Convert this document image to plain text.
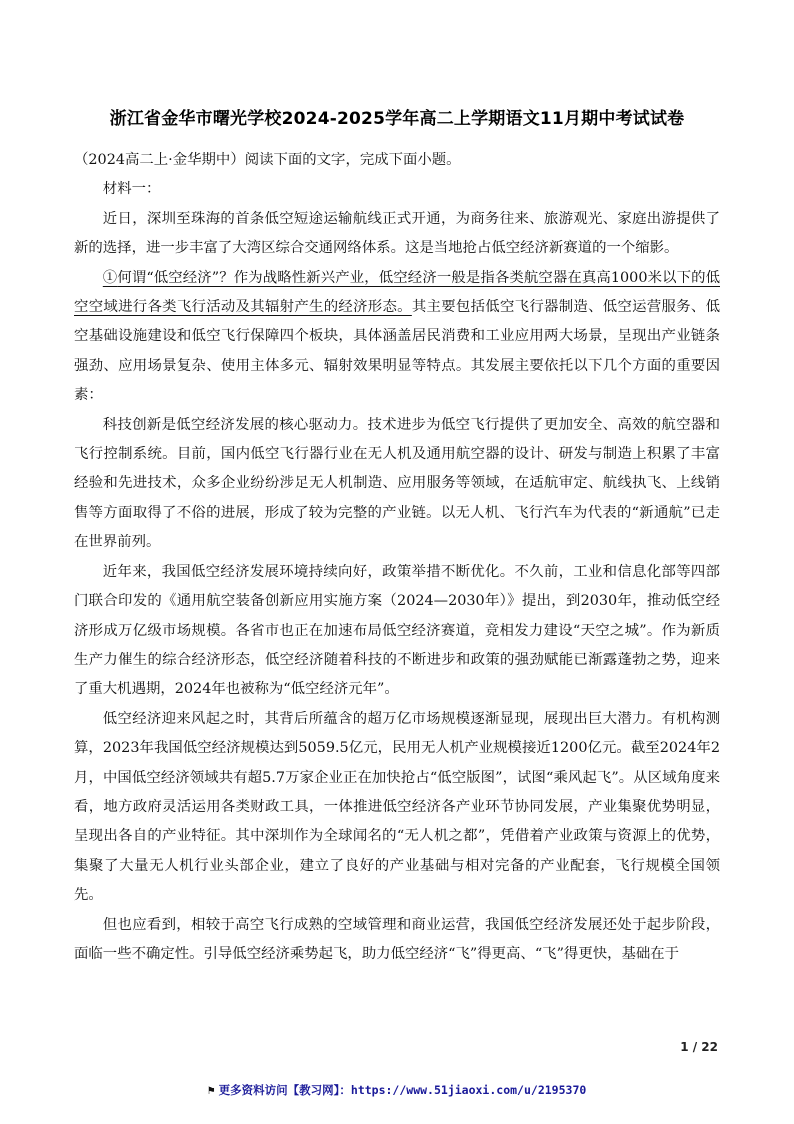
浙江省金华市曙光学校2024-2025学年高二上学期语文11月期中考试试卷

（2024高二上·金华期中）阅读下面的文字，完成下面小题。

材料一：

近日，深圳至珠海的首条低空短途运输航线正式开通，为商务往来、旅游观光、家庭出游提供了新的选择，进一步丰富了大湾区综合交通网络体系。这是当地抢占低空经济新赛道的一个缩影。

①何谓“低空经济”？作为战略性新兴产业，低空经济一般是指各类航空器在真高1000米以下的低空空域进行各类飞行活动及其辐射产生的经济形态。其主要包括低空飞行器制造、低空运营服务、低空基础设施建设和低空飞行保障四个板块，具体涵盖居民消费和工业应用两大场景，呈现出产业链条强劲、应用场景复杂、使用主体多元、辐射效果明显等特点。其发展主要依托以下几个方面的重要因素：

科技创新是低空经济发展的核心驱动力。技术进步为低空飞行提供了更加安全、高效的航空器和飞行控制系统。目前，国内低空飞行器行业在无人机及通用航空器的设计、研发与制造上积累了丰富经验和先进技术，众多企业纷纷涉足无人机制造、应用服务等领域，在适航审定、航线执飞、上线销售等方面取得了不俗的进展，形成了较为完整的产业链。以无人机、飞行汽车为代表的“新通航”已走在世界前列。

近年来，我国低空经济发展环境持续向好，政策举措不断优化。不久前，工业和信息化部等四部门联合印发的《通用航空装备创新应用实施方案（2024—2030年）》提出，到2030年，推动低空经济形成万亿级市场规模。各省市也正在加速布局低空经济赛道，竞相发力建设“天空之城”。作为新质生产力催生的综合经济形态，低空经济随着科技的不断进步和政策的强劲赋能已渐露蓬勃之势，迎来了重大机遇期，2024年也被称为“低空经济元年”。

低空经济迎来风起之时，其背后所蕴含的超万亿市场规模逐渐显现，展现出巨大潜力。有机构测算，2023年我国低空经济规模达到5059.5亿元，民用无人机产业规模接近1200亿元。截至2024年2月，中国低空经济领域共有超5.7万家企业正在加快抢占“低空版图”，试图“乘风起飞”。从区域角度来看，地方政府灵活运用各类财政工具，一体推进低空经济各产业环节协同发展，产业集聚优势明显，呈现出各自的产业特征。其中深圳作为全球闻名的“无人机之都”，凭借着产业政策与资源上的优势，集聚了大量无人机行业头部企业，建立了良好的产业基础与相对完备的产业配套，飞行规模全国领先。

但也应看到，相较于高空飞行成熟的空域管理和商业运营，我国低空经济发展还处于起步阶段，面临一些不确定性。引导低空经济乘势起飞，助力低空经济“飞”得更高、“飞”得更快，基础在于

1 / 22
⚑ 更多资料访问【教习网】：https://www.51jiaoxi.com/u/2195370
